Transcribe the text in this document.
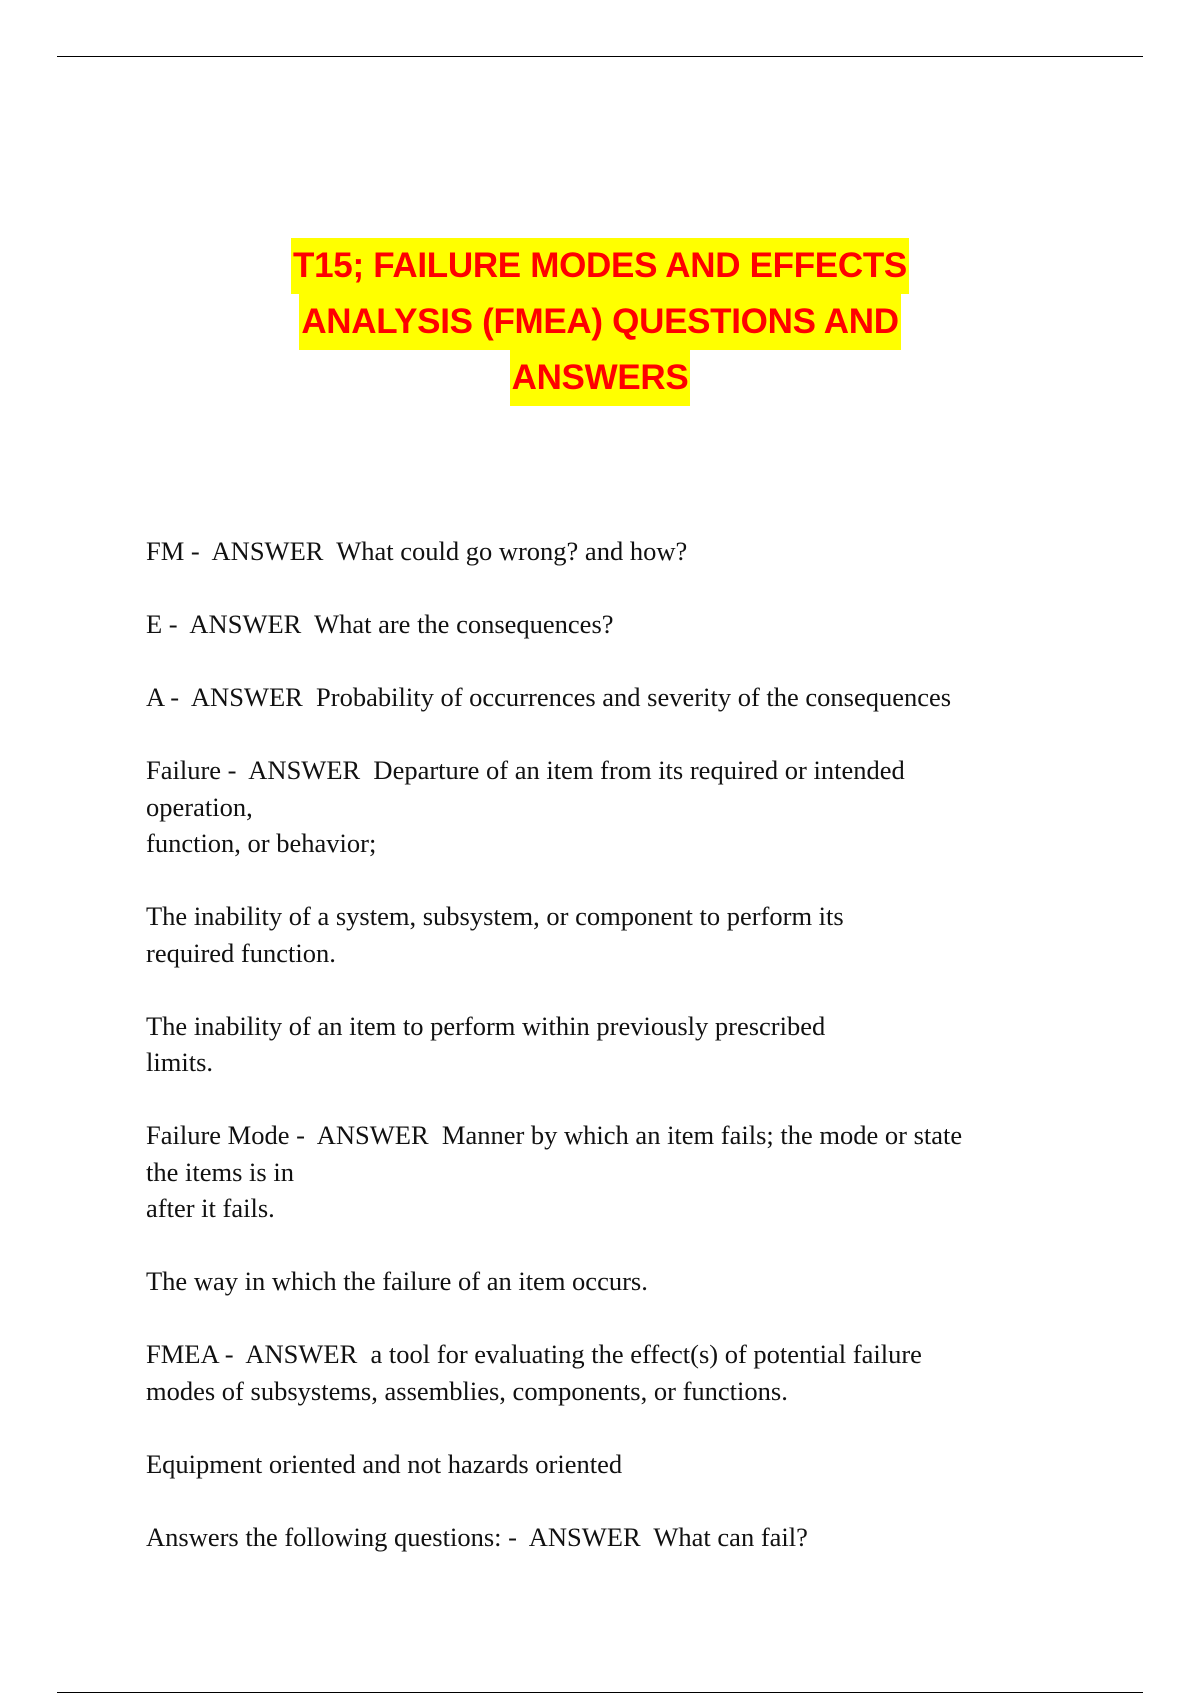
T15; FAILURE MODES AND EFFECTS
ANALYSIS (FMEA) QUESTIONS AND
ANSWERS
FM -  ANSWER  What could go wrong? and how?
E -  ANSWER  What are the consequences?
A -  ANSWER  Probability of occurrences and severity of the consequences
Failure -  ANSWER  Departure of an item from its required or intended
operation,
function, or behavior;
The inability of a system, subsystem, or component to perform its
required function.
The inability of an item to perform within previously prescribed
limits.
Failure Mode -  ANSWER  Manner by which an item fails; the mode or state
the items is in
after it fails.
The way in which the failure of an item occurs.
FMEA -  ANSWER  a tool for evaluating the effect(s) of potential failure
modes of subsystems, assemblies, components, or functions.
Equipment oriented and not hazards oriented
Answers the following questions: -  ANSWER  What can fail?
